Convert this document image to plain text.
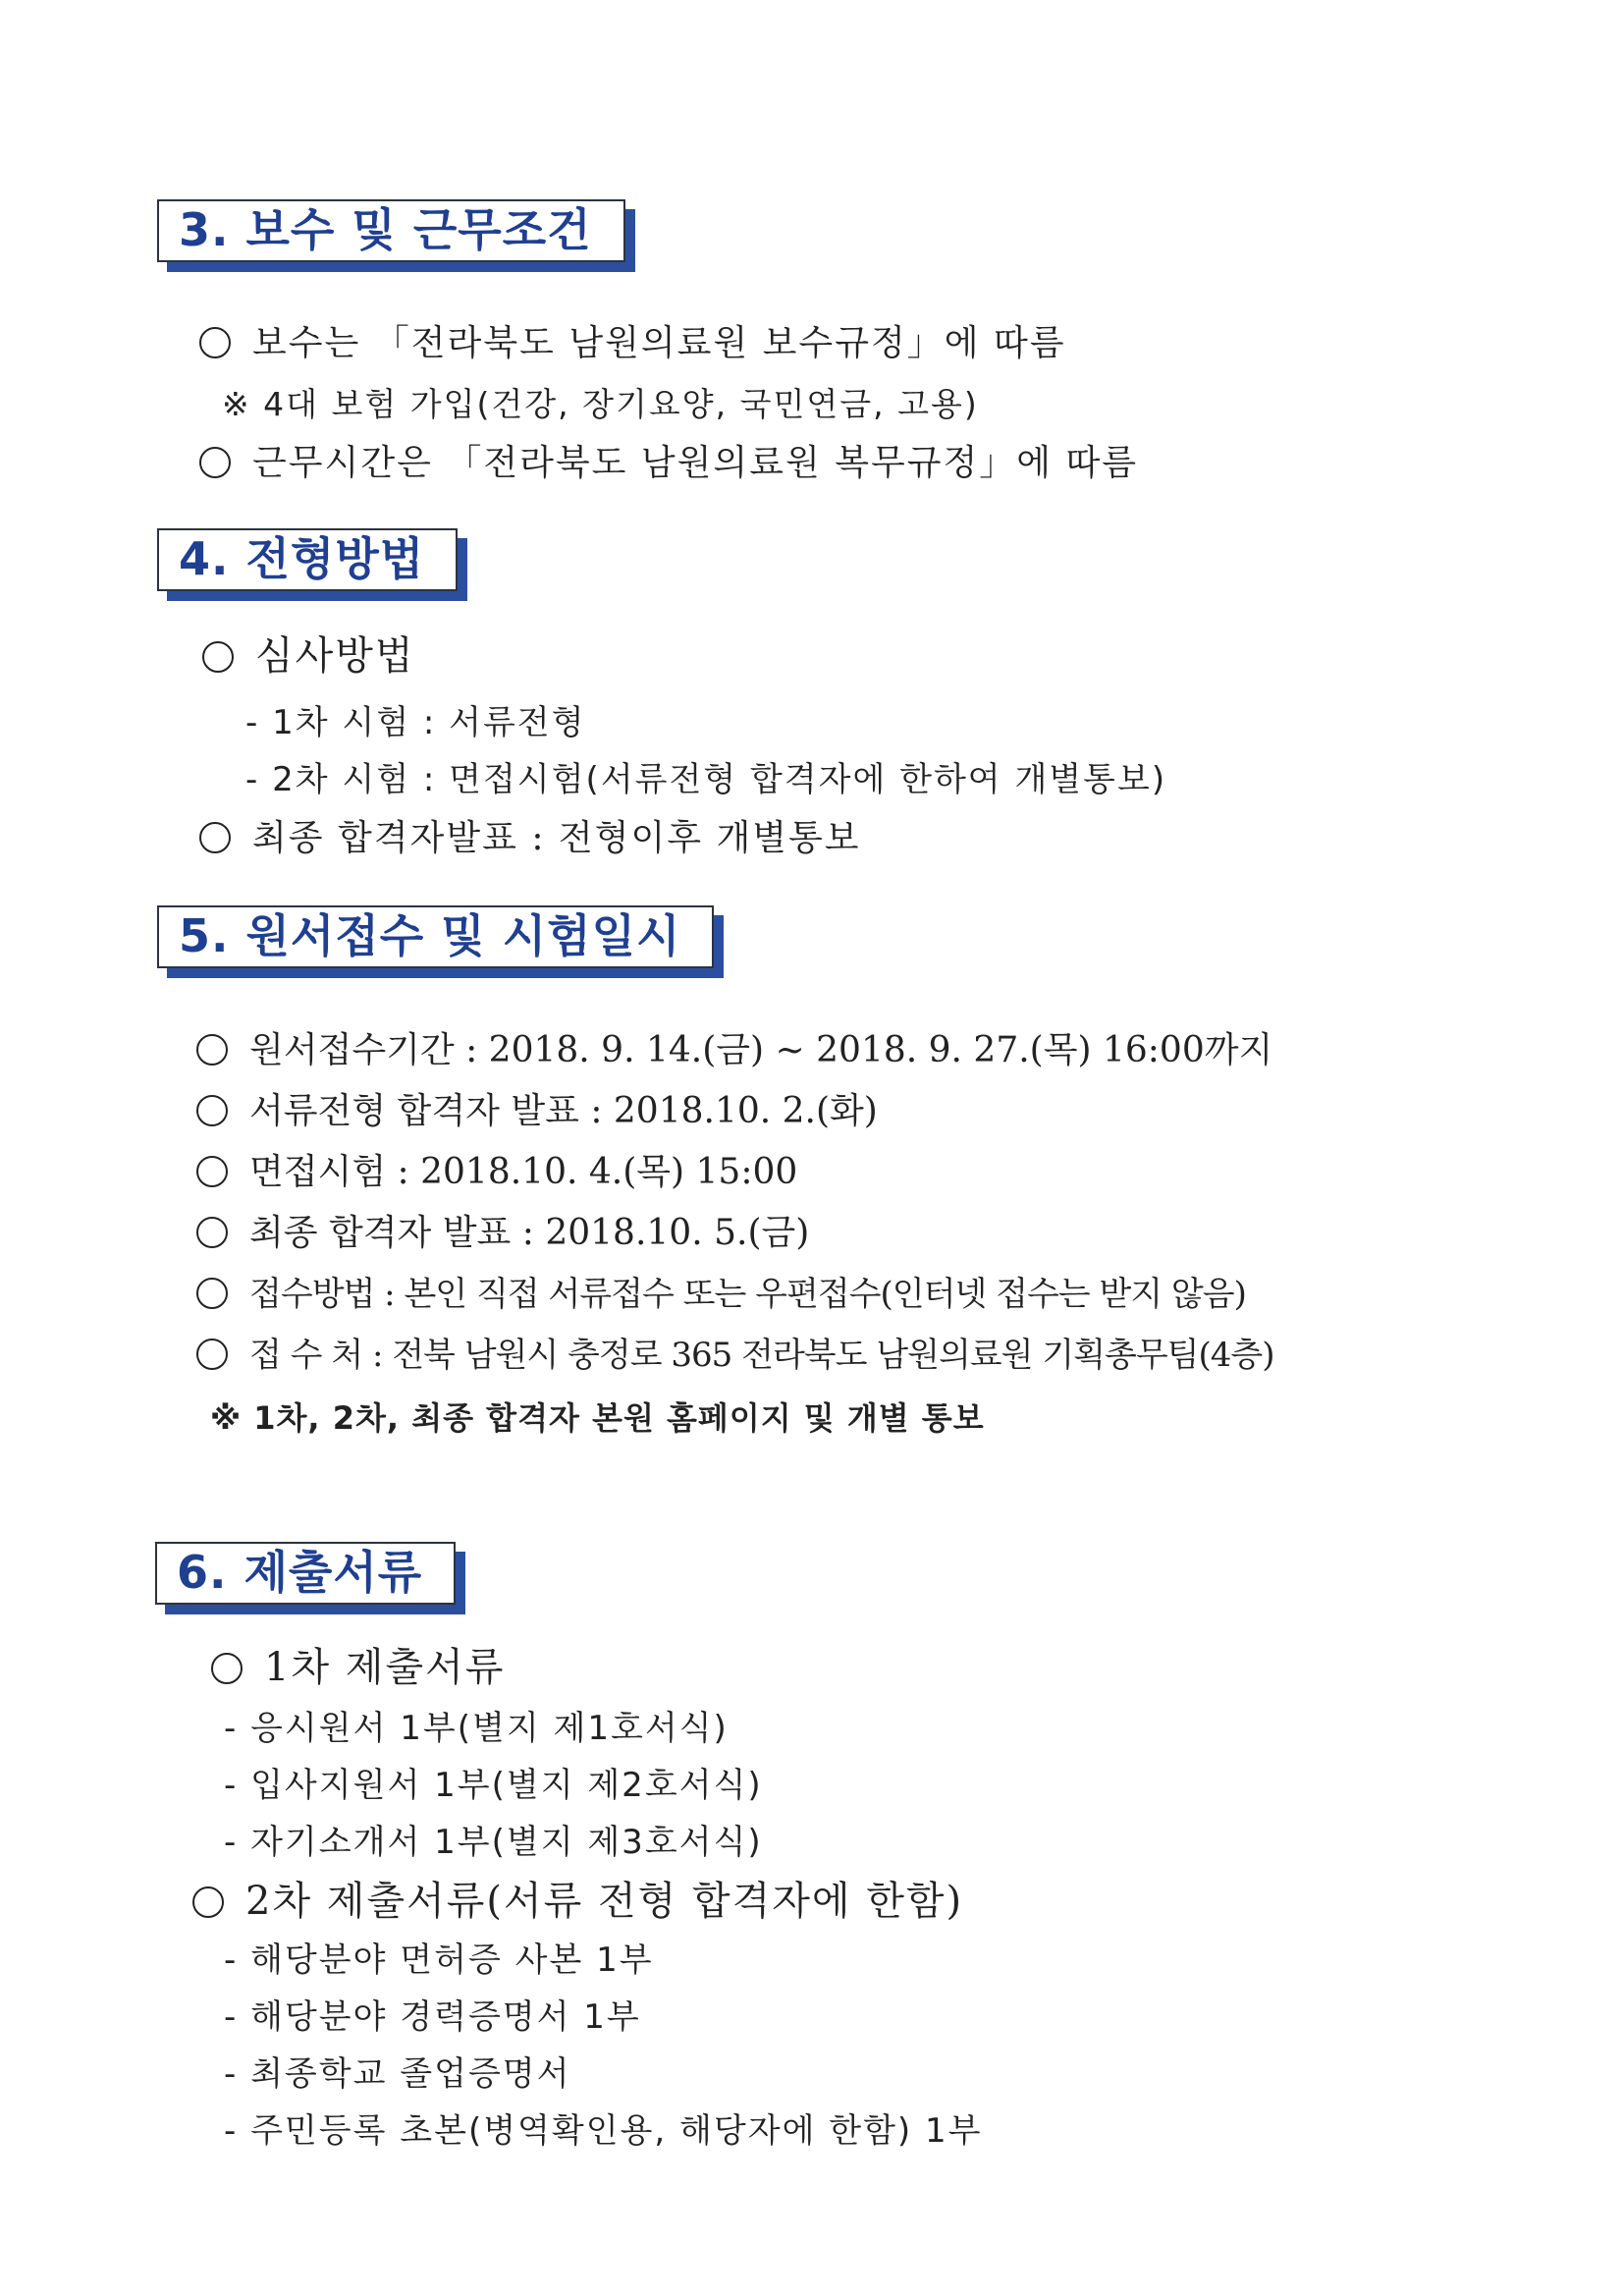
3. 보수 및 근무조건
보수는 「전라북도 남원의료원 보수규정」에 따름
※ 4대 보험 가입(건강, 장기요양, 국민연금, 고용)
근무시간은 「전라북도 남원의료원 복무규정」에 따름
4. 전형방법
심사방법
- 1차 시험 : 서류전형
- 2차 시험 : 면접시험(서류전형 합격자에 한하여 개별통보)
최종 합격자발표 : 전형이후 개별통보
5. 원서접수 및 시험일시
원서접수기간 : 2018. 9. 14.(금) ~ 2018. 9. 27.(목) 16:00까지
서류전형 합격자 발표 : 2018.10. 2.(화)
면접시험 : 2018.10. 4.(목) 15:00
최종 합격자 발표 : 2018.10. 5.(금)
접수방법 : 본인 직접 서류접수 또는 우편접수(인터넷 접수는 받지 않음)
접 수 처 : 전북 남원시 충정로 365 전라북도 남원의료원 기획총무팀(4층)
※ 1차, 2차, 최종 합격자 본원 홈페이지 및 개별 통보
6. 제출서류
1차 제출서류
- 응시원서 1부(별지 제1호서식)
- 입사지원서 1부(별지 제2호서식)
- 자기소개서 1부(별지 제3호서식)
2차 제출서류(서류 전형 합격자에 한함)
- 해당분야 면허증 사본 1부
- 해당분야 경력증명서 1부
- 최종학교 졸업증명서
- 주민등록 초본(병역확인용, 해당자에 한함) 1부
